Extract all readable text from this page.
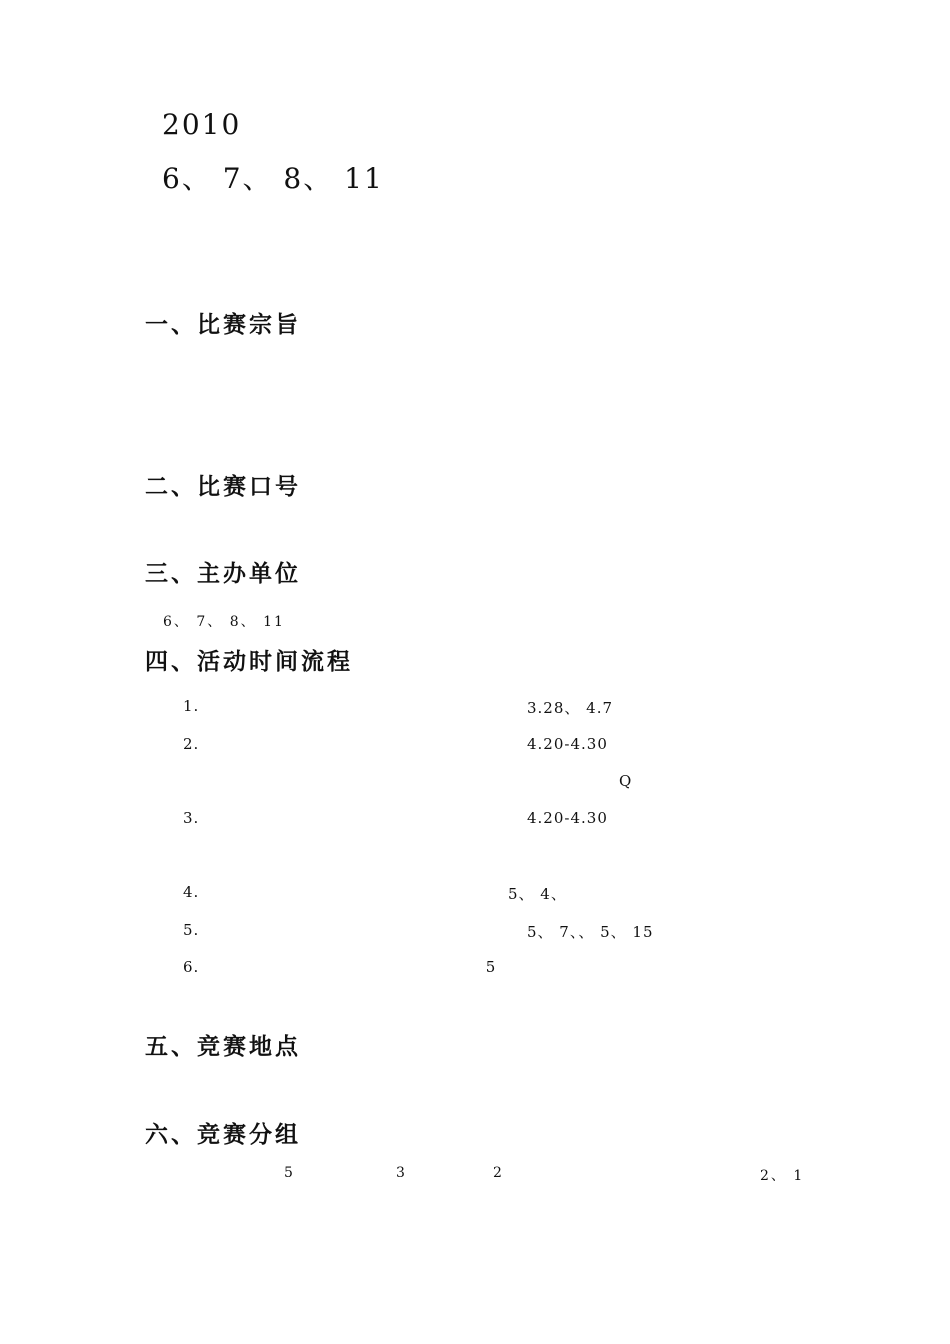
2010
6、 7、 8、 11
一、比赛宗旨
二、比赛口号
三、主办单位
6、 7、 8、 11
四、活动时间流程
1.	3.28、 4.7
2.	4.20-4.30
Q
3.	4.20-4.30
4.	5、 4、
5.	5、 7、、 5、 15
6.	5
五、竞赛地点
六、竞赛分组
5	3	2	2、 1
